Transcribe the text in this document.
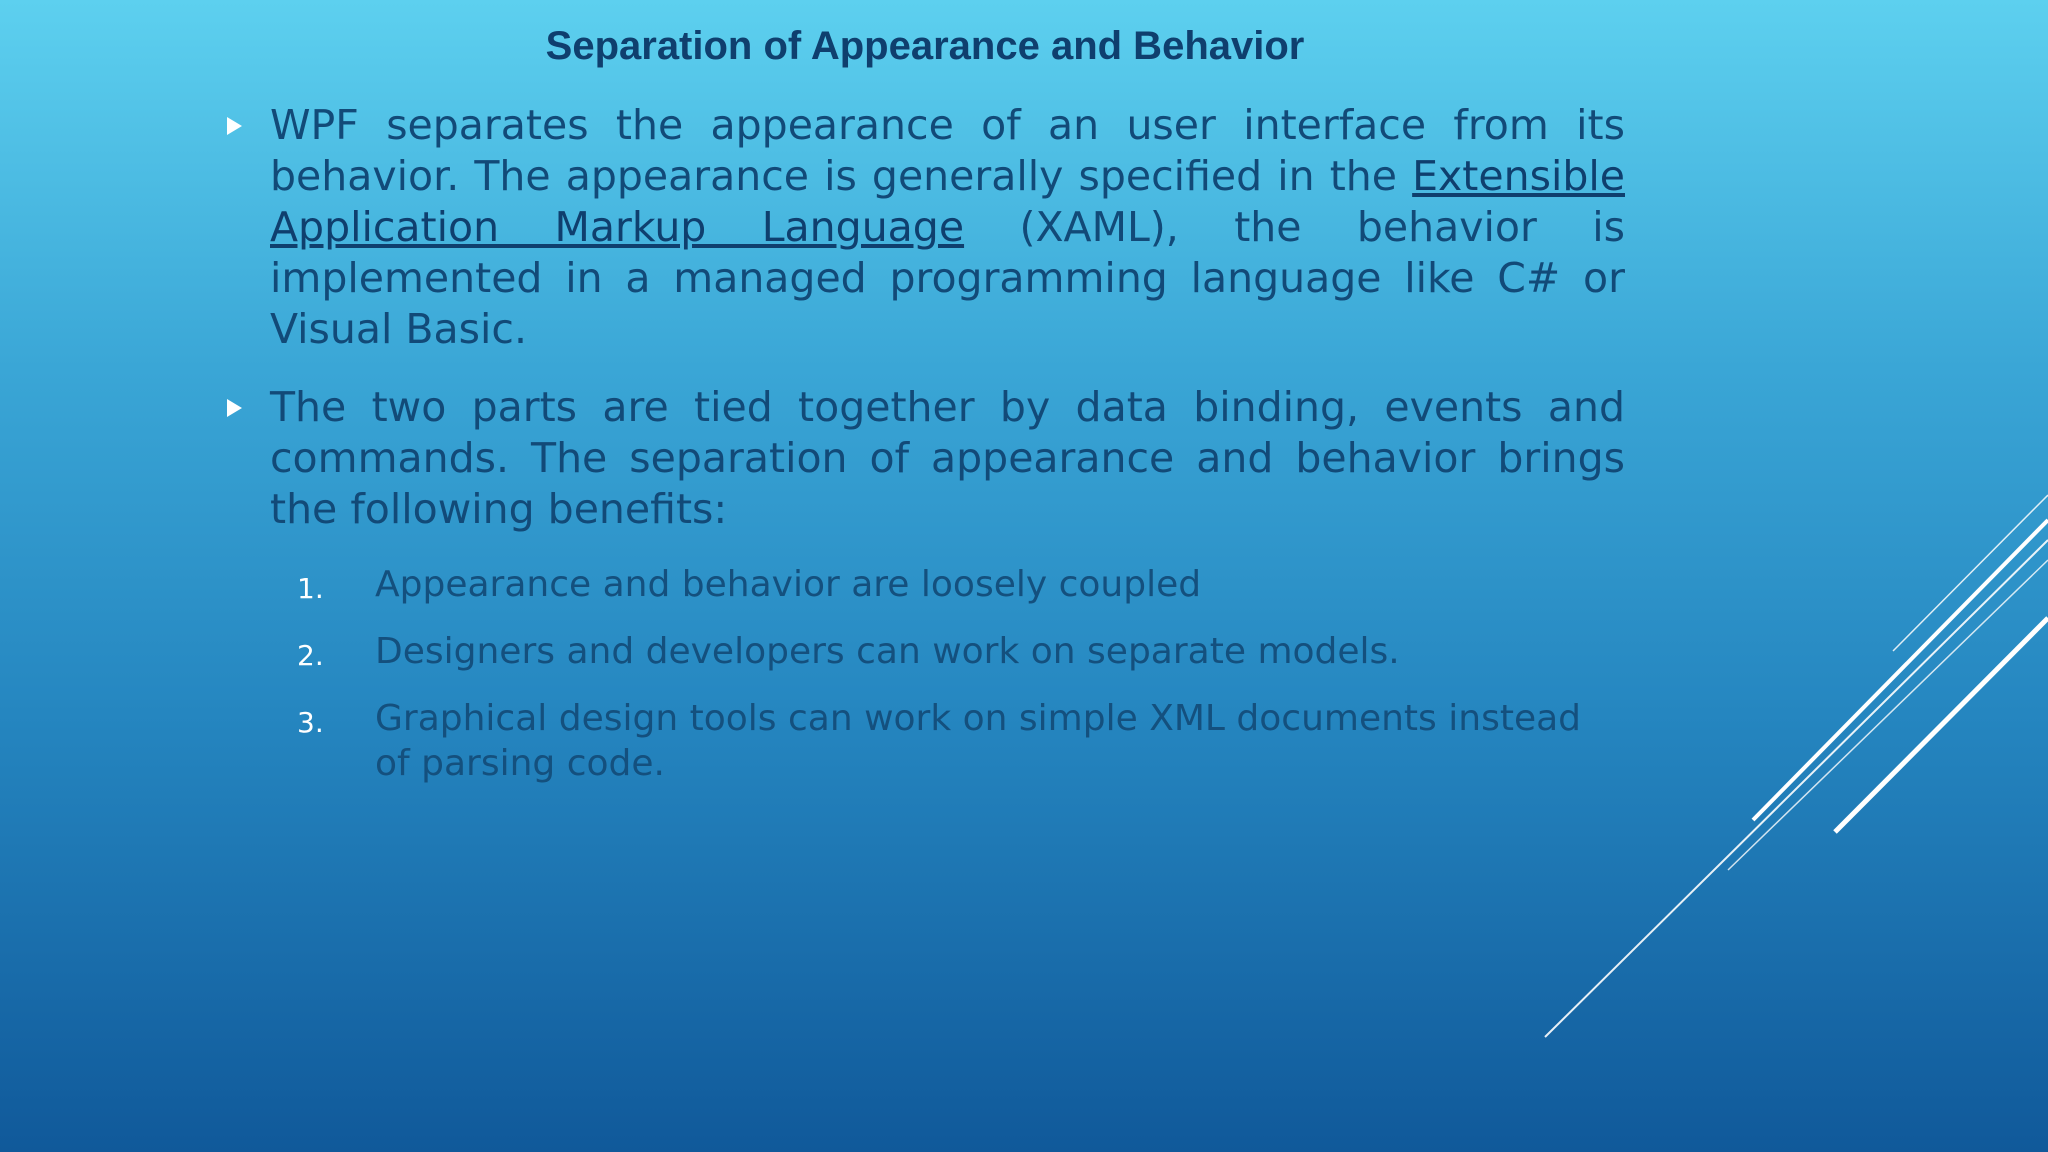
Separation of Appearance and Behavior
WPF separates the appearance of an user interface from its behavior. The appearance is generally specified in the Extensible Application Markup Language (XAML), the behavior is implemented in a managed programming language like C# or Visual Basic.
The two parts are tied together by data binding, events and commands. The separation of appearance and behavior brings the following benefits:
1. Appearance and behavior are loosely coupled
2. Designers and developers can work on separate models.
3. Graphical design tools can work on simple XML documents instead of parsing code.
